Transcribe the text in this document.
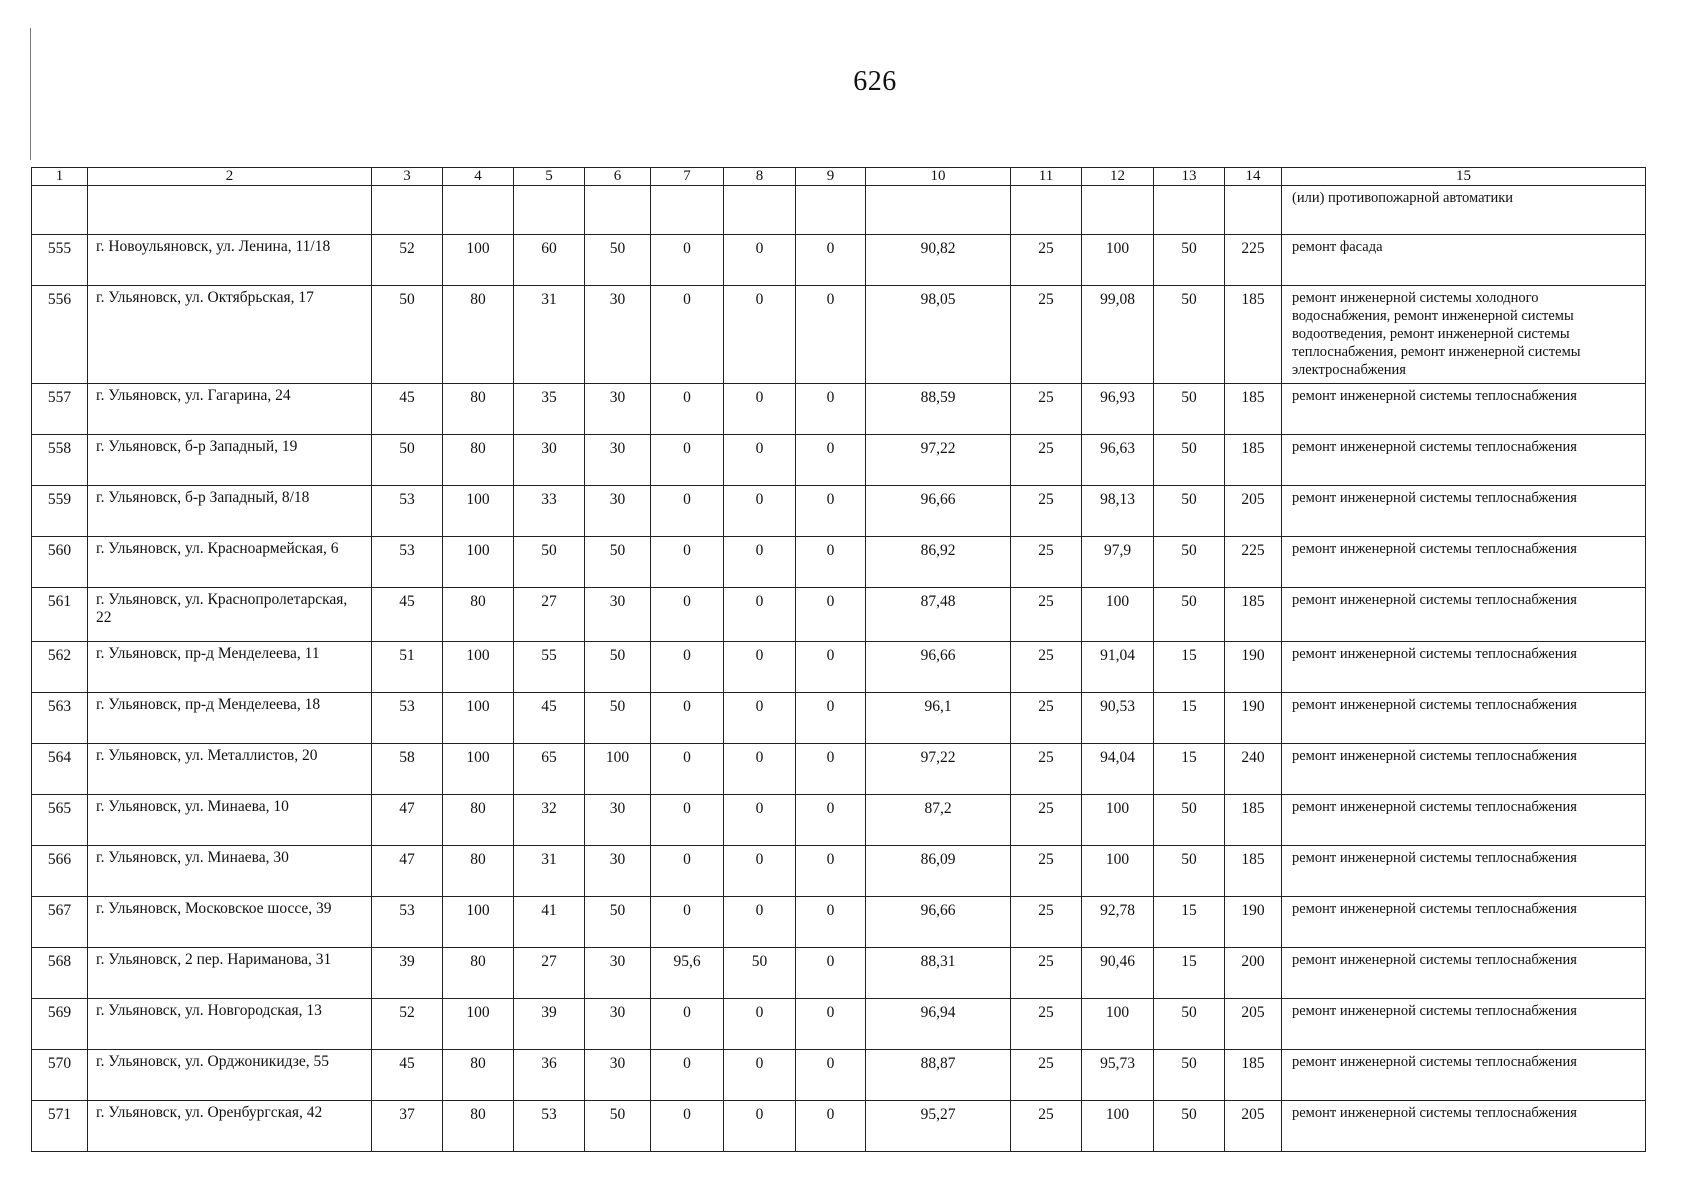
626
1	2	3	4	5	6	7	8	9	10	11	12	13	14	15
														(или) противопожарной автоматики
555	г. Новоульяновск, ул. Ленина, 11/18	52	100	60	50	0	0	0	90,82	25	100	50	225	ремонт фасада
556	г. Ульяновск, ул. Октябрьская, 17	50	80	31	30	0	0	0	98,05	25	99,08	50	185	ремонт инженерной системы холодного водоснабжения, ремонт инженерной системы водоотведения, ремонт инженерной системы теплоснабжения, ремонт инженерной системы электроснабжения
557	г. Ульяновск, ул. Гагарина, 24	45	80	35	30	0	0	0	88,59	25	96,93	50	185	ремонт инженерной системы теплоснабжения
558	г. Ульяновск, б-р Западный, 19	50	80	30	30	0	0	0	97,22	25	96,63	50	185	ремонт инженерной системы теплоснабжения
559	г. Ульяновск, б-р Западный, 8/18	53	100	33	30	0	0	0	96,66	25	98,13	50	205	ремонт инженерной системы теплоснабжения
560	г. Ульяновск, ул. Красноармейская, 6	53	100	50	50	0	0	0	86,92	25	97,9	50	225	ремонт инженерной системы теплоснабжения
561	г. Ульяновск, ул. Краснопролетарская, 22	45	80	27	30	0	0	0	87,48	25	100	50	185	ремонт инженерной системы теплоснабжения
562	г. Ульяновск, пр-д Менделеева, 11	51	100	55	50	0	0	0	96,66	25	91,04	15	190	ремонт инженерной системы теплоснабжения
563	г. Ульяновск, пр-д Менделеева, 18	53	100	45	50	0	0	0	96,1	25	90,53	15	190	ремонт инженерной системы теплоснабжения
564	г. Ульяновск, ул. Металлистов, 20	58	100	65	100	0	0	0	97,22	25	94,04	15	240	ремонт инженерной системы теплоснабжения
565	г. Ульяновск, ул. Минаева, 10	47	80	32	30	0	0	0	87,2	25	100	50	185	ремонт инженерной системы теплоснабжения
566	г. Ульяновск, ул. Минаева, 30	47	80	31	30	0	0	0	86,09	25	100	50	185	ремонт инженерной системы теплоснабжения
567	г. Ульяновск, Московское шоссе, 39	53	100	41	50	0	0	0	96,66	25	92,78	15	190	ремонт инженерной системы теплоснабжения
568	г. Ульяновск, 2 пер. Нариманова, 31	39	80	27	30	95,6	50	0	88,31	25	90,46	15	200	ремонт инженерной системы теплоснабжения
569	г. Ульяновск, ул. Новгородская, 13	52	100	39	30	0	0	0	96,94	25	100	50	205	ремонт инженерной системы теплоснабжения
570	г. Ульяновск, ул. Орджоникидзе, 55	45	80	36	30	0	0	0	88,87	25	95,73	50	185	ремонт инженерной системы теплоснабжения
571	г. Ульяновск, ул. Оренбургская, 42	37	80	53	50	0	0	0	95,27	25	100	50	205	ремонт инженерной системы теплоснабжения
